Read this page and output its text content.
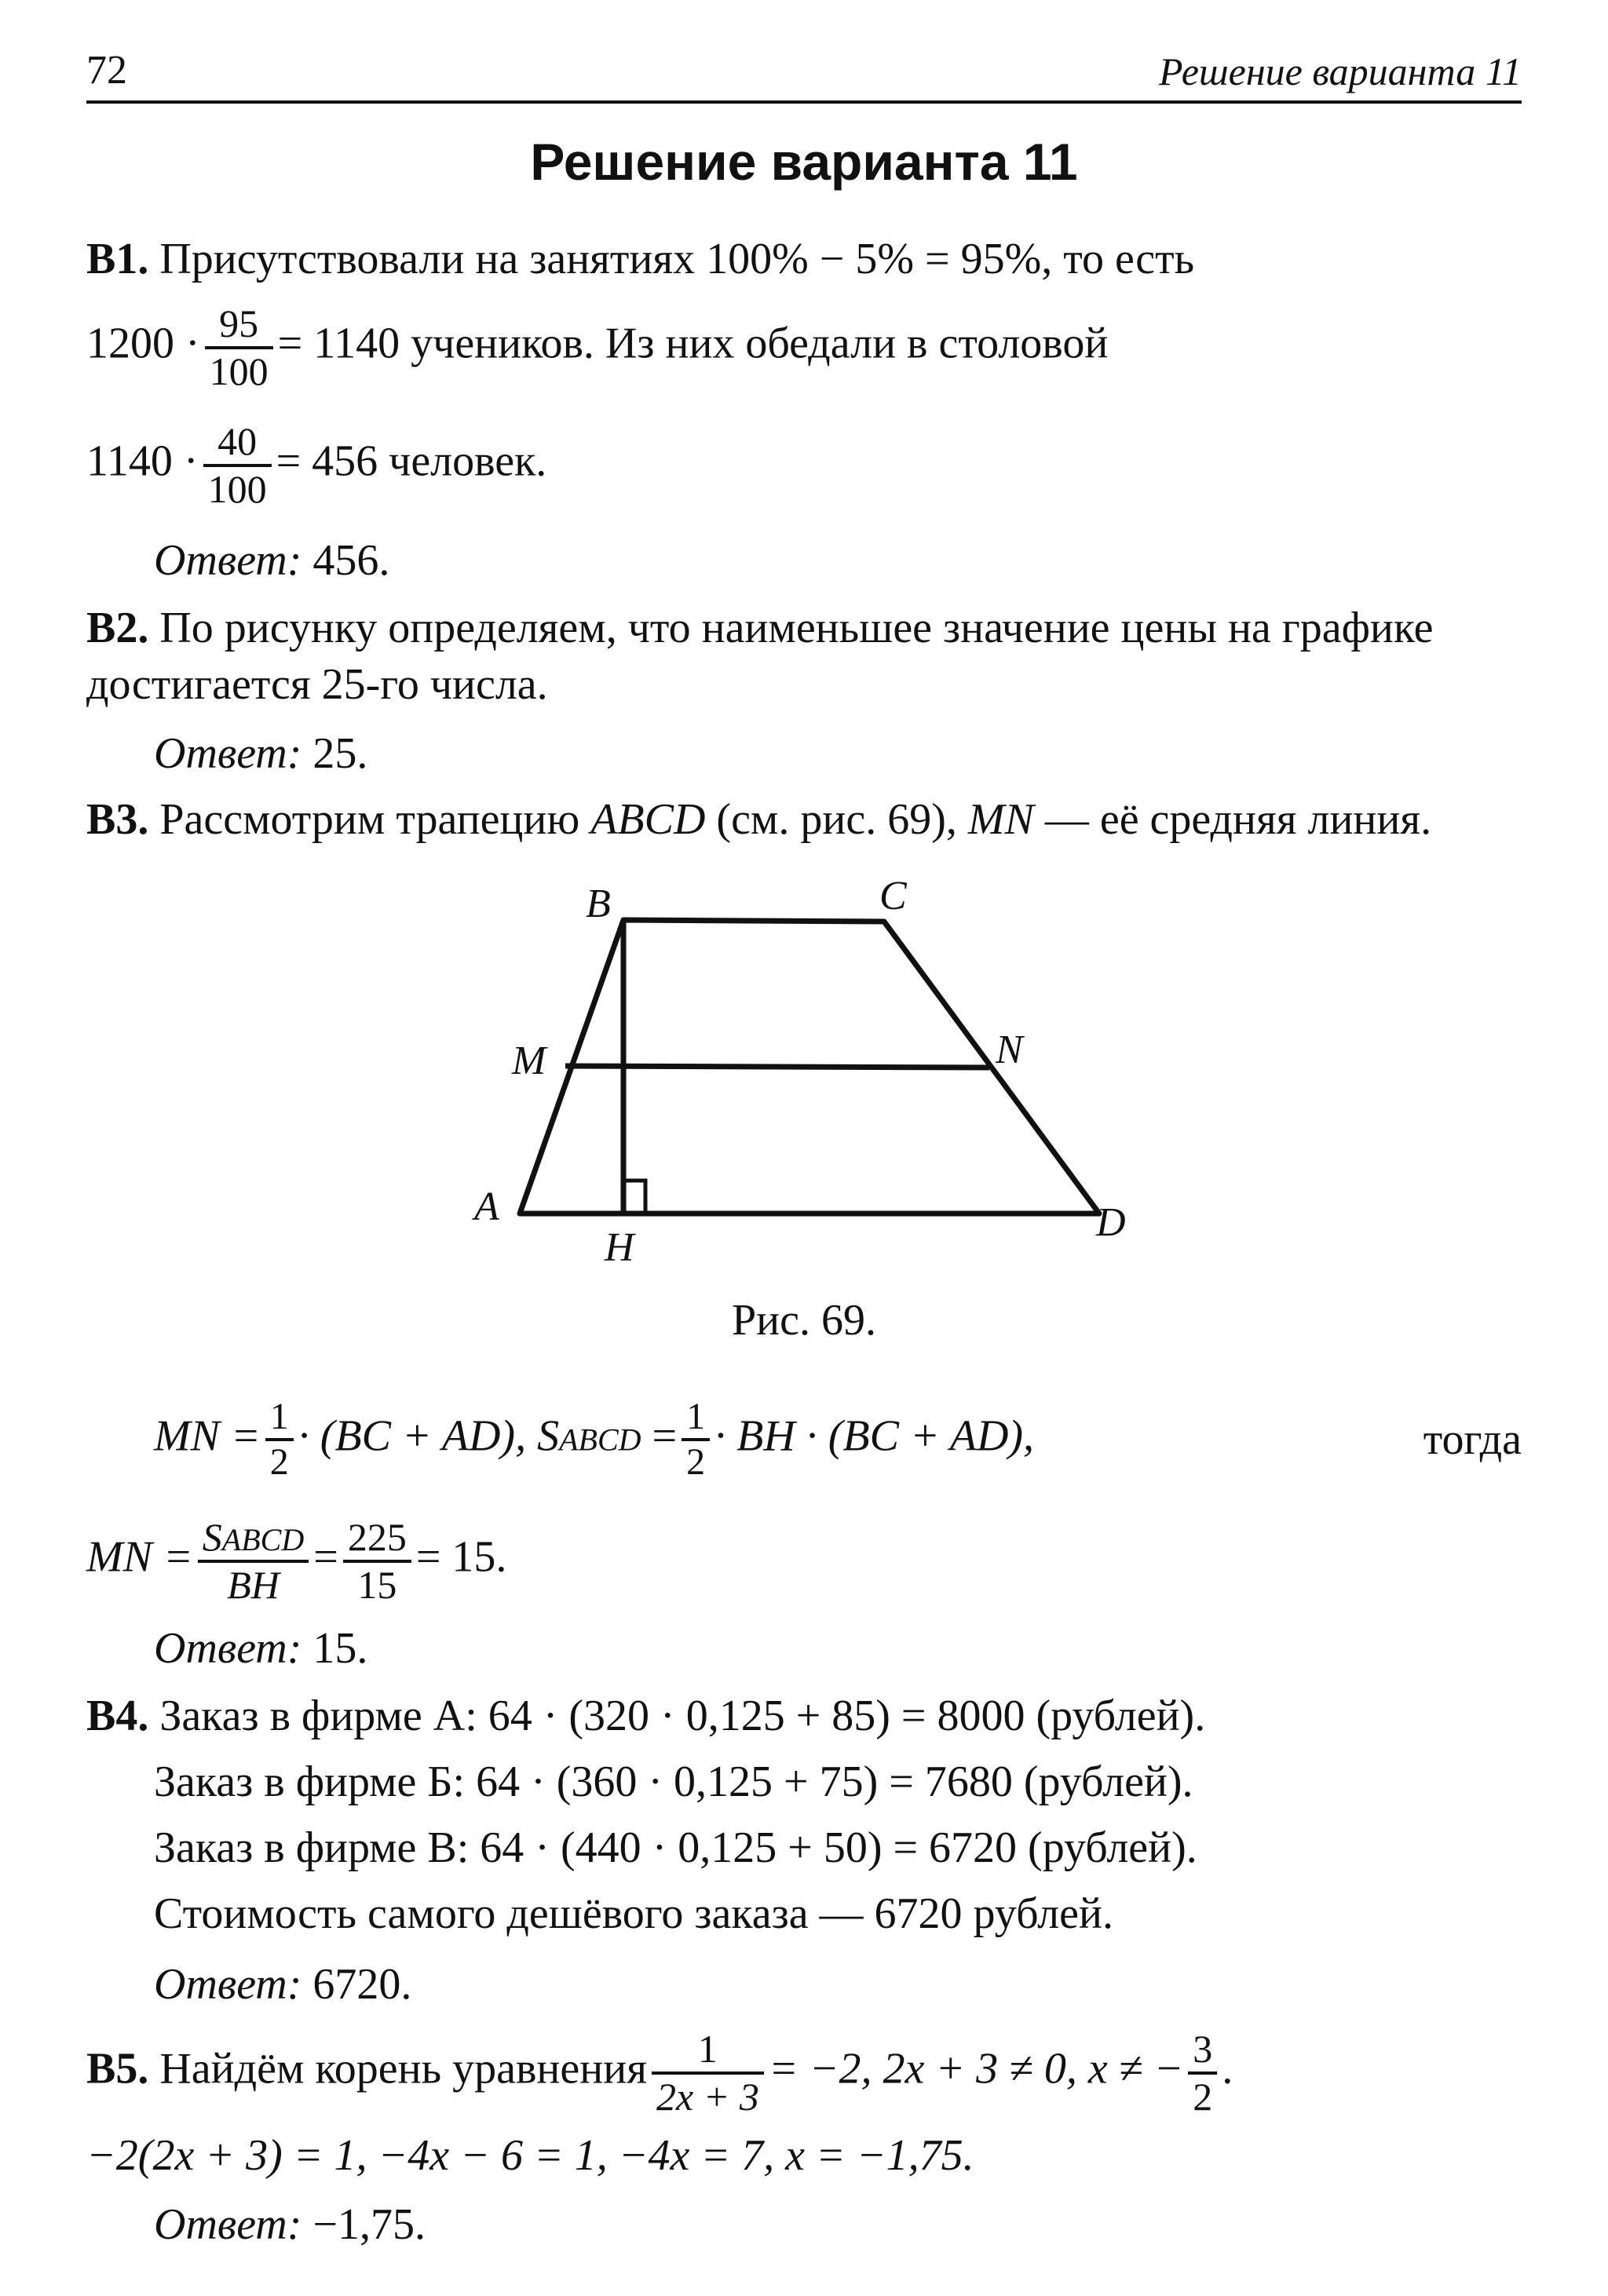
72	Решение варианта 11
Решение варианта 11
B1. Присутствовали на занятиях 100% − 5% = 95%, то есть
$1200 \cdot \frac{95}{100} = 1140$ учеников. Из них обедали в столовой
$1140 \cdot \frac{40}{100} = 456$ человек.
Ответ: 456.
B2. По рисунку определяем, что наименьшее значение цены на графике
достигается 25-го числа.
Ответ: 25.
B3. Рассмотрим трапецию ABCD (см. рис. 69), MN — её средняя линия.
B	C
M	N
A	D
H
Рис. 69.
MN = $\frac{1}{2} \cdot (BC + AD)$, SABCD = $\frac{1}{2}$ · BH · (BC + AD),	тогда
MN = $\frac{\text{SABCD}}{BH} = \frac{225}{15} = 15$.
Ответ: 15.
B4. Заказ в фирме А: 64 · (320 · 0,125 + 85) = 8000 (рублей).
Заказ в фирме Б: 64 · (360 · 0,125 + 75) = 7680 (рублей).
Заказ в фирме В: 64 · (440 · 0,125 + 50) = 6720 (рублей).
Стоимость самого дешёвого заказа — 6720 рублей.
Ответ: 6720.
B5. Найдём корень уравнения $\frac{1}{2x + 3} = -2$, 2x + 3 ≠ 0, x ≠ − $\frac{3}{2}$ .
−2(2x + 3) = 1, −4x − 6 = 1, −4x = 7, x = −1,75.
Ответ: −1,75.
